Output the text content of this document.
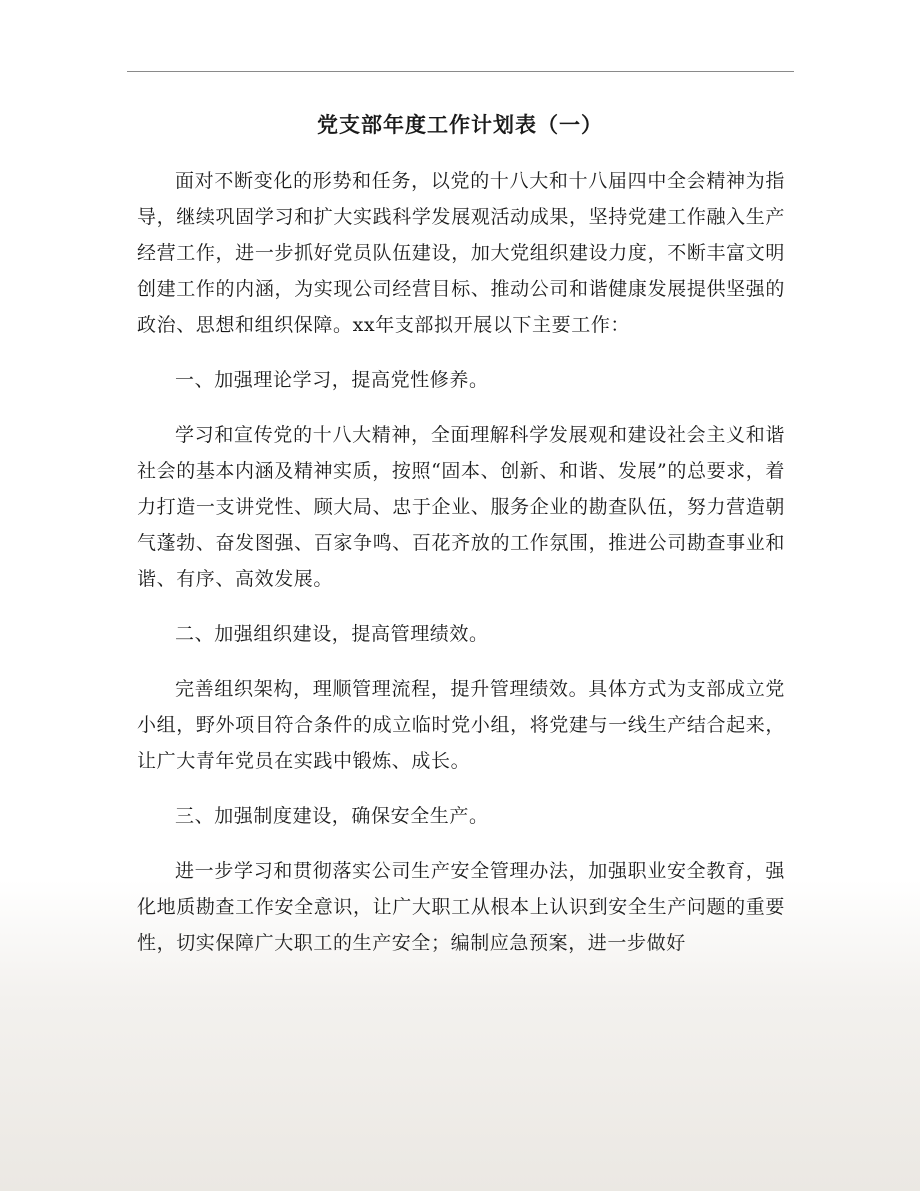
党支部年度工作计划表（一）

面对不断变化的形势和任务，以党的十八大和十八届四中全会精神为指导，继续巩固学习和扩大实践科学发展观活动成果，坚持党建工作融入生产经营工作，进一步抓好党员队伍建设，加大党组织建设力度，不断丰富文明创建工作的内涵，为实现公司经营目标、推动公司和谐健康发展提供坚强的政治、思想和组织保障。xx年支部拟开展以下主要工作：

一、加强理论学习，提高党性修养。

学习和宣传党的十八大精神，全面理解科学发展观和建设社会主义和谐社会的基本内涵及精神实质，按照“固本、创新、和谐、发展”的总要求，着力打造一支讲党性、顾大局、忠于企业、服务企业的勘查队伍，努力营造朝气蓬勃、奋发图强、百家争鸣、百花齐放的工作氛围，推进公司勘查事业和谐、有序、高效发展。

二、加强组织建设，提高管理绩效。

完善组织架构，理顺管理流程，提升管理绩效。具体方式为支部成立党小组，野外项目符合条件的成立临时党小组，将党建与一线生产结合起来，让广大青年党员在实践中锻炼、成长。

三、加强制度建设，确保安全生产。

进一步学习和贯彻落实公司生产安全管理办法，加强职业安全教育，强化地质勘查工作安全意识，让广大职工从根本上认识到安全生产问题的重要性，切实保障广大职工的生产安全；编制应急预案，进一步做好
